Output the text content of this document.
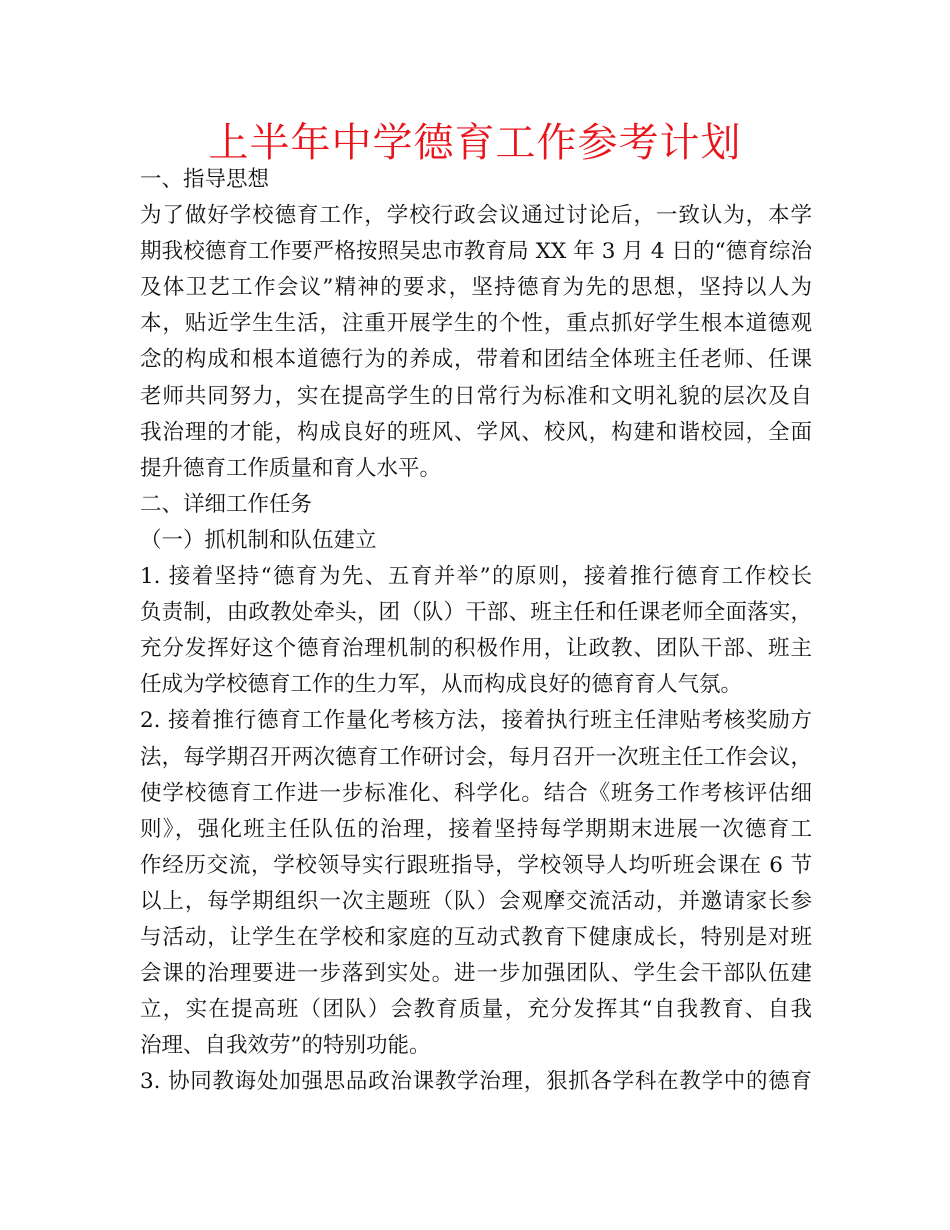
上半年中学德育工作参考计划
一、指导思想
为了做好学校德育工作，学校行政会议通过讨论后，一致认为，本学
期我校德育工作要严格按照吴忠市教育局 XX 年 3 月 4 日的“德育综治
及体卫艺工作会议”精神的要求，坚持德育为先的思想，坚持以人为
本，贴近学生生活，注重开展学生的个性，重点抓好学生根本道德观
念的构成和根本道德行为的养成，带着和团结全体班主任老师、任课
老师共同努力，实在提高学生的日常行为标准和文明礼貌的层次及自
我治理的才能，构成良好的班风、学风、校风，构建和谐校园，全面
提升德育工作质量和育人水平。
二、详细工作任务
（一）抓机制和队伍建立
1. 接着坚持“德育为先、五育并举”的原则，接着推行德育工作校长
负责制，由政教处牵头，团（队）干部、班主任和任课老师全面落实，
充分发挥好这个德育治理机制的积极作用，让政教、团队干部、班主
任成为学校德育工作的生力军，从而构成良好的德育育人气氛。
2. 接着推行德育工作量化考核方法，接着执行班主任津贴考核奖励方
法，每学期召开两次德育工作研讨会，每月召开一次班主任工作会议，
使学校德育工作进一步标准化、科学化。结合《班务工作考核评估细
则》，强化班主任队伍的治理，接着坚持每学期期末进展一次德育工
作经历交流，学校领导实行跟班指导，学校领导人均听班会课在 6 节
以上，每学期组织一次主题班（队）会观摩交流活动，并邀请家长参
与活动，让学生在学校和家庭的互动式教育下健康成长，特别是对班
会课的治理要进一步落到实处。进一步加强团队、学生会干部队伍建
立，实在提高班（团队）会教育质量，充分发挥其“自我教育、自我
治理、自我效劳”的特别功能。
3. 协同教诲处加强思品政治课教学治理，狠抓各学科在教学中的德育
